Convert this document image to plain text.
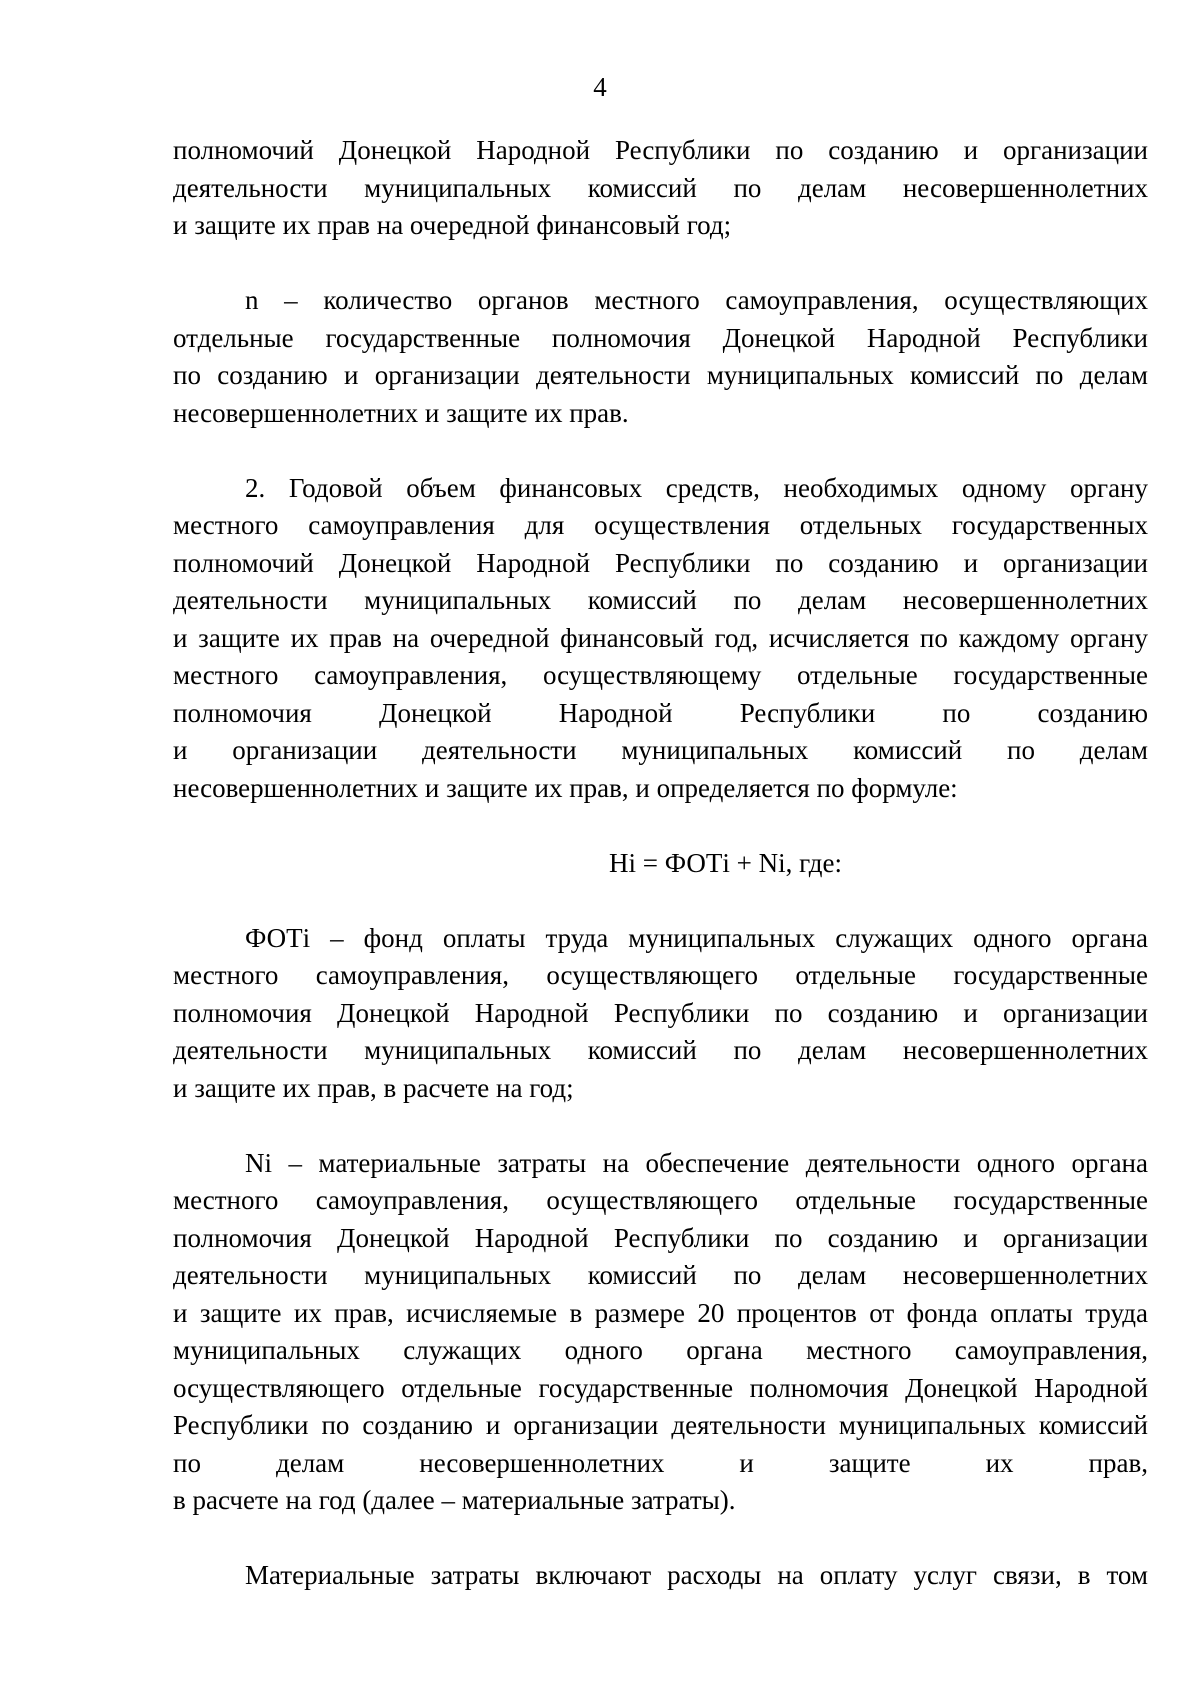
4

полномочий Донецкой Народной Республики по созданию и организации
деятельности муниципальных комиссий по делам несовершеннолетних
и защите их прав на очередной финансовый год;

n – количество органов местного самоуправления, осуществляющих
отдельные государственные полномочия Донецкой Народной Республики
по созданию и организации деятельности муниципальных комиссий по делам
несовершеннолетних и защите их прав.

2. Годовой объем финансовых средств, необходимых одному органу
местного самоуправления для осуществления отдельных государственных
полномочий Донецкой Народной Республики по созданию и организации
деятельности муниципальных комиссий по делам несовершеннолетних
и защите их прав на очередной финансовый год, исчисляется по каждому органу
местного самоуправления, осуществляющему отдельные государственные
полномочия Донецкой Народной Республики по созданию
и организации деятельности муниципальных комиссий по делам
несовершеннолетних и защите их прав, и определяется по формуле:

Hi = ФОТi + Ni, где:

ФОТi – фонд оплаты труда муниципальных служащих одного органа
местного самоуправления, осуществляющего отдельные государственные
полномочия Донецкой Народной Республики по созданию и организации
деятельности муниципальных комиссий по делам несовершеннолетних
и защите их прав, в расчете на год;

Ni – материальные затраты на обеспечение деятельности одного органа
местного самоуправления, осуществляющего отдельные государственные
полномочия Донецкой Народной Республики по созданию и организации
деятельности муниципальных комиссий по делам несовершеннолетних
и защите их прав, исчисляемые в размере 20 процентов от фонда оплаты труда
муниципальных служащих одного органа местного самоуправления,
осуществляющего отдельные государственные полномочия Донецкой Народной
Республики по созданию и организации деятельности муниципальных комиссий
по делам несовершеннолетних и защите их прав,
в расчете на год (далее – материальные затраты).

Материальные затраты включают расходы на оплату услуг связи, в том
